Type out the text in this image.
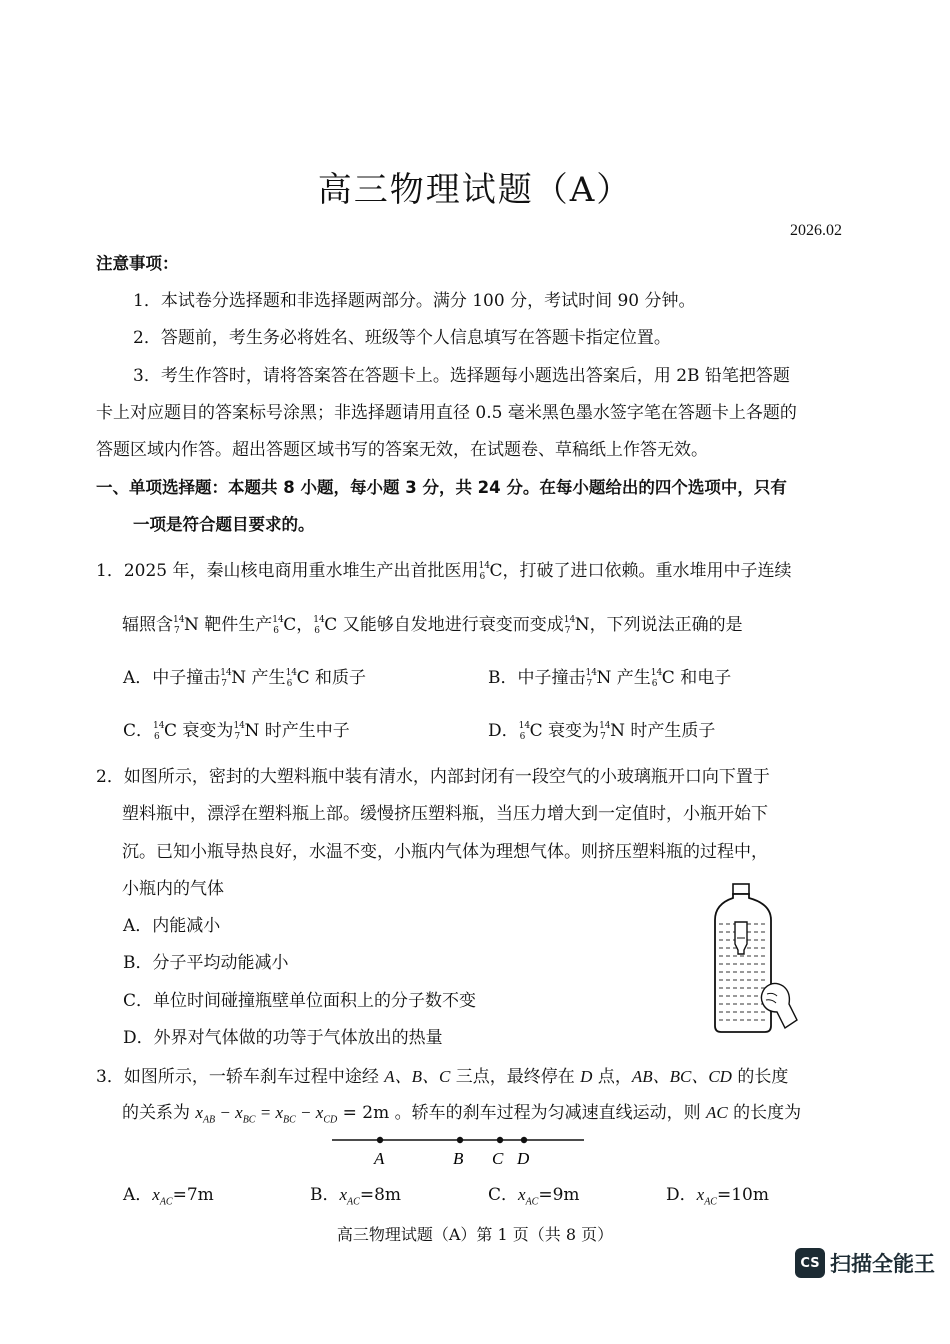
高三物理试题（A）
2026.02
注意事项：
1．本试卷分选择题和非选择题两部分。满分 100 分，考试时间 90 分钟。
2．答题前，考生务必将姓名、班级等个人信息填写在答题卡指定位置。
3．考生作答时，请将答案答在答题卡上。选择题每小题选出答案后，用 2B 铅笔把答题
卡上对应题目的答案标号涂黑；非选择题请用直径 0.5 毫米黑色墨水签字笔在答题卡上各题的
答题区域内作答。超出答题区域书写的答案无效，在试题卷、草稿纸上作答无效。
一、单项选择题：本题共 8 小题，每小题 3 分，共 24 分。在每小题给出的四个选项中，只有
一项是符合题目要求的。
1．2025 年，秦山核电商用重水堆生产出首批医用 14
6 C，打破了进口依赖。重水堆用中子连续
辐照含 14
7 N 靶件生产 14
6 C， 14
6 C 又能够自发地进行衰变而变成 14
7 N，下列说法正确的是
A．中子撞击 14
7 N 产生 14
6 C 和质子	B．中子撞击 14
7 N 产生 14
6 C 和电子
C． 14
6 C 衰变为 14
7 N 时产生中子	D． 14
6 C 衰变为 14
7 N 时产生质子
2．如图所示，密封的大塑料瓶中装有清水，内部封闭有一段空气的小玻璃瓶开口向下置于
塑料瓶中，漂浮在塑料瓶上部。缓慢挤压塑料瓶，当压力增大到一定值时，小瓶开始下
沉。已知小瓶导热良好，水温不变，小瓶内气体为理想气体。则挤压塑料瓶的过程中，
小瓶内的气体
A．内能减小
B．分子平均动能减小
C．单位时间碰撞瓶壁单位面积上的分子数不变
D．外界对气体做的功等于气体放出的热量
3．如图所示，一轿车刹车过程中途经 A、B、C 三点，最终停在 D 点，AB、BC、CD 的长度
的关系为 $x_{AB} - x_{BC} = x_{BC} - x_{CD} = 2m$ 。轿车的刹车过程为匀减速直线运动，则 AC 的长度为
A	B C D
A．$x_{AC}=7m$	B．$x_{AC}=8m$	C．$x_{AC}=9m$	D．$x_{AC}=10m$
高三物理试题（A）第 1 页（共 8 页）
CS 扫描全能王
